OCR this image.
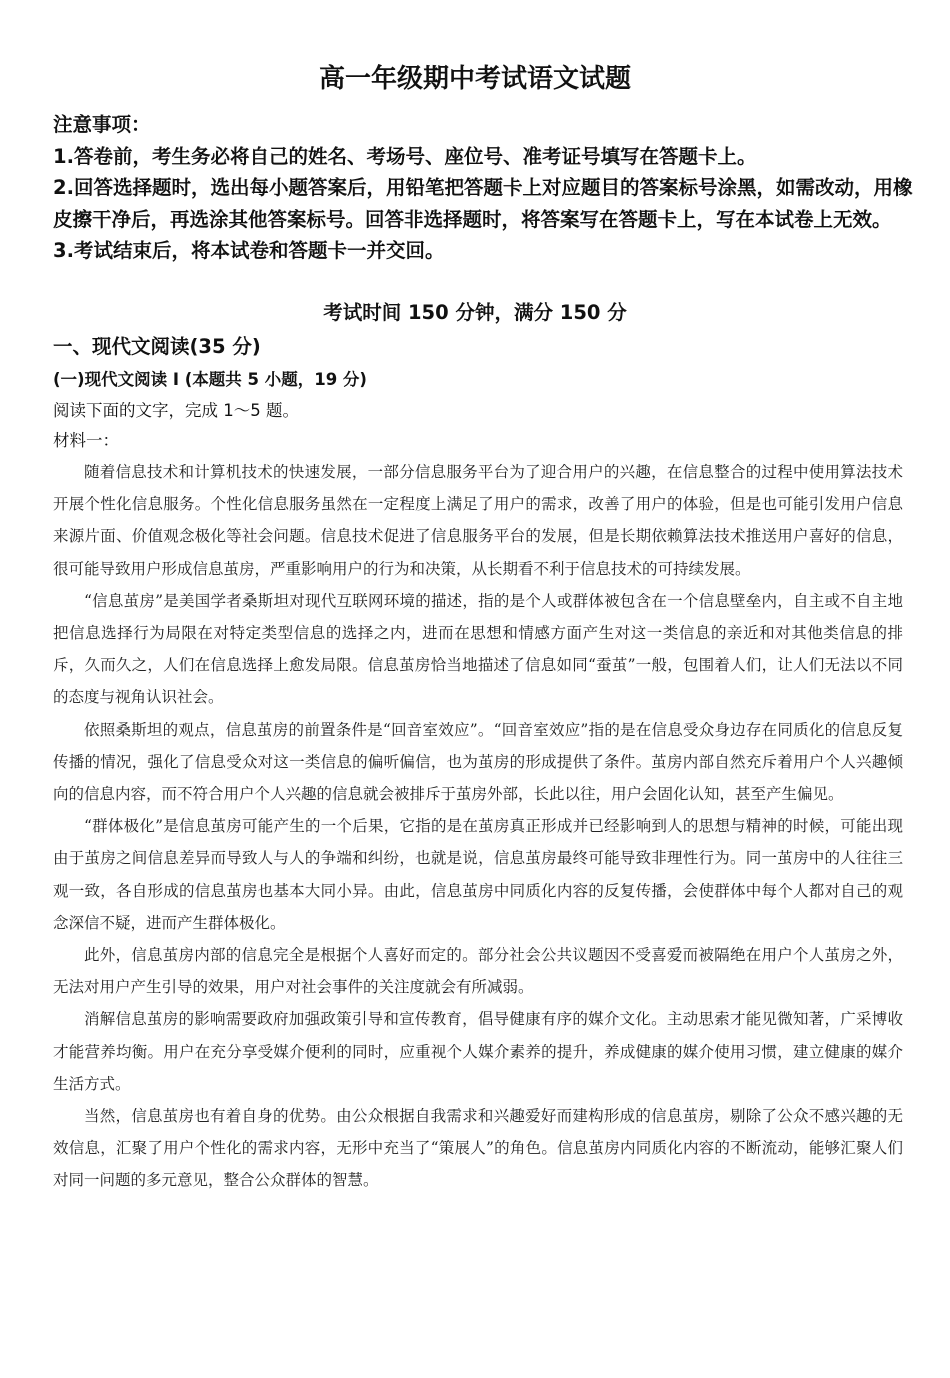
高一年级期中考试语文试题

注意事项：

1.答卷前，考生务必将自己的姓名、考场号、座位号、准考证号填写在答题卡上。

2.回答选择题时，选出每小题答案后，用铅笔把答题卡上对应题目的答案标号涂黑，如需改动，用橡皮擦干净后，再选涂其他答案标号。回答非选择题时，将答案写在答题卡上，写在本试卷上无效。

3.考试结束后，将本试卷和答题卡一并交回。

考试时间 150 分钟，满分 150 分
一、现代文阅读(35 分)
(一)现代文阅读 I (本题共 5 小题，19 分)
阅读下面的文字，完成 1～5 题。
材料一：

随着信息技术和计算机技术的快速发展，一部分信息服务平台为了迎合用户的兴趣，在信息整合的过程中使用算法技术开展个性化信息服务。个性化信息服务虽然在一定程度上满足了用户的需求，改善了用户的体验，但是也可能引发用户信息来源片面、价值观念极化等社会问题。信息技术促进了信息服务平台的发展，但是长期依赖算法技术推送用户喜好的信息，很可能导致用户形成信息茧房，严重影响用户的行为和决策，从长期看不利于信息技术的可持续发展。

“信息茧房”是美国学者桑斯坦对现代互联网环境的描述，指的是个人或群体被包含在一个信息壁垒内，自主或不自主地把信息选择行为局限在对特定类型信息的选择之内，进而在思想和情感方面产生对这一类信息的亲近和对其他类信息的排斥，久而久之，人们在信息选择上愈发局限。信息茧房恰当地描述了信息如同“蚕茧”一般，包围着人们，让人们无法以不同的态度与视角认识社会。

依照桑斯坦的观点，信息茧房的前置条件是“回音室效应”。“回音室效应”指的是在信息受众身边存在同质化的信息反复传播的情况，强化了信息受众对这一类信息的偏听偏信，也为茧房的形成提供了条件。茧房内部自然充斥着用户个人兴趣倾向的信息内容，而不符合用户个人兴趣的信息就会被排斥于茧房外部，长此以往，用户会固化认知，甚至产生偏见。

“群体极化”是信息茧房可能产生的一个后果，它指的是在茧房真正形成并已经影响到人的思想与精神的时候，可能出现由于茧房之间信息差异而导致人与人的争端和纠纷，也就是说，信息茧房最终可能导致非理性行为。同一茧房中的人往往三观一致，各自形成的信息茧房也基本大同小异。由此，信息茧房中同质化内容的反复传播，会使群体中每个人都对自己的观念深信不疑，进而产生群体极化。

此外，信息茧房内部的信息完全是根据个人喜好而定的。部分社会公共议题因不受喜爱而被隔绝在用户个人茧房之外，无法对用户产生引导的效果，用户对社会事件的关注度就会有所减弱。

消解信息茧房的影响需要政府加强政策引导和宣传教育，倡导健康有序的媒介文化。主动思索才能见微知著，广采博收才能营养均衡。用户在充分享受媒介便利的同时，应重视个人媒介素养的提升，养成健康的媒介使用习惯，建立健康的媒介生活方式。

当然，信息茧房也有着自身的优势。由公众根据自我需求和兴趣爱好而建构形成的信息茧房，剔除了公众不感兴趣的无效信息，汇聚了用户个性化的需求内容，无形中充当了“策展人”的角色。信息茧房内同质化内容的不断流动，能够汇聚人们对同一问题的多元意见，整合公众群体的智慧。
